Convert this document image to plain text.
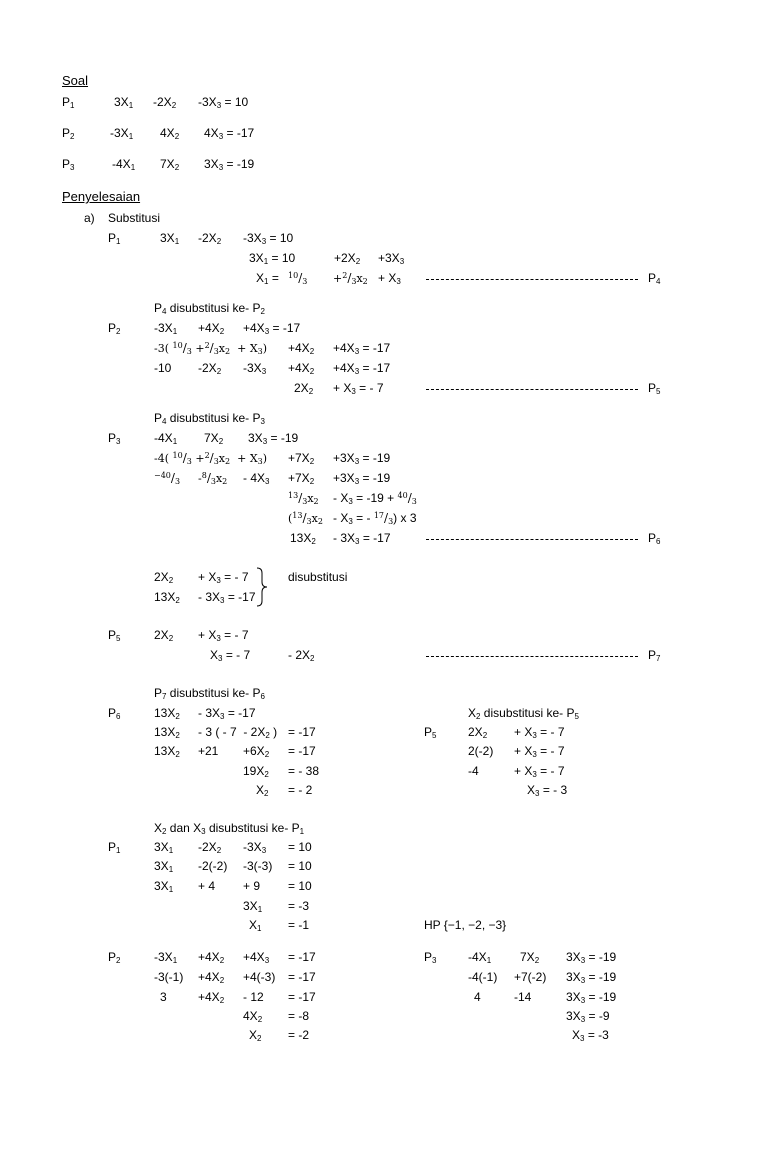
Soal
$P_1$	$3X_1$ $-2X_2$ $-3X_3 = 10$
$P_2$	$-3X_1$ $4X_2$ $4X_3 = -17$
$P_3$	$-4X_1$ $7X_2$ $3X_3 = -19$
Penyelesaian
a) Substitusi
$P_1$	$3X_1$ $-2X_2$ $-3X_3 = 10$
$3X_1 = 10$	$+2X_2 +3X_3$
$X_1 = ^{10}/_3 +^2/_3x_2 + X_3$	$P_4$
$P_4$ disubstitusi ke- $P_2$
$P_2$	$-3X_1 +4X_2 +4X_3 = -17$
-3( $^{10}/_3 +^2/_3x_2 + X_3) +4X_2 +4X_3 = -17$
-10 $-2X_2$ $-3X_3 +4X_2 +4X_3 = -17$
$2X_2 + X_3$ = - 7	$P_5$
$P_4$ disubstitusi ke- $P_3$
$P_3$	$-4X_1$ $7X_2$ $3X_3 = -19$
-4( $^{10}/_3 +^2/_3x_2 + X_3) +7X_2 +3X_3 = -19$
$^{-40}/_3$ $-^8/_3x_2 - 4X_3 +7X_2 +3X_3 = -19$
$^{13}/_3x_2 - X_3 = -19 + ^{40}/_3$
($^{13}/_3x_2 - X_3$ = - $^{17}/_3$) x 3
$13X_2 - 3X_3 = -17$	$P_6$
$2X_2 + X_3$ = - 7
$13X_2 - 3X_3 = -17$
disubstitusi
$P_5$	$2X_2 + X_3$ = - 7
$X_3$ = - 7	- $2X_2$	$P_7$
$P_7$ disubstitusi ke- $P_6$
$P_6$	$13X_2 - 3X_3 = -17$
$13X_2 - 3$ ( - $7 - 2X_2$ ) = -17
$13X_2 +21 +6X_2 = -17$
$19X_2$ = - 38
$X_2$ = - 2
$X_2$ disubstitusi ke- $P_5$
$P_5$	$2X_2 + X_3$ = - 7
$2(-2) + X_3$ = - 7
-4	+ $X_3$ = - 7
$X_3$ = - 3
$X_2$ dan $X_3$ disubstitusi ke- $P_1$
$P_1$	$3X_1$ $-2X_2$ $-3X_3 = 10$
$3X_1$ -2(-2) -3(-3) = 10
$3X_1 + 4 + 9 = 10$
$3X_1 = -3$
$X_1 = -1$	HP {−1, −2, −3}
$P_2$	$-3X_1 +4X_2 +4X_3 = -17$
$-3(-1) +4X_2 +4(-3) = -17$
3	$+4X_2 - 12 = -17$
$4X_2 = -8$
$X_2 = -2$
$P_3$	$-4X_1$ $7X_2$ $3X_3 = -19$
-4(-1) +7(-2) $3X_3 = -19$
4	-14	$3X_3 = -19$
$3X_3 = -9$
$X_3 = -3$
